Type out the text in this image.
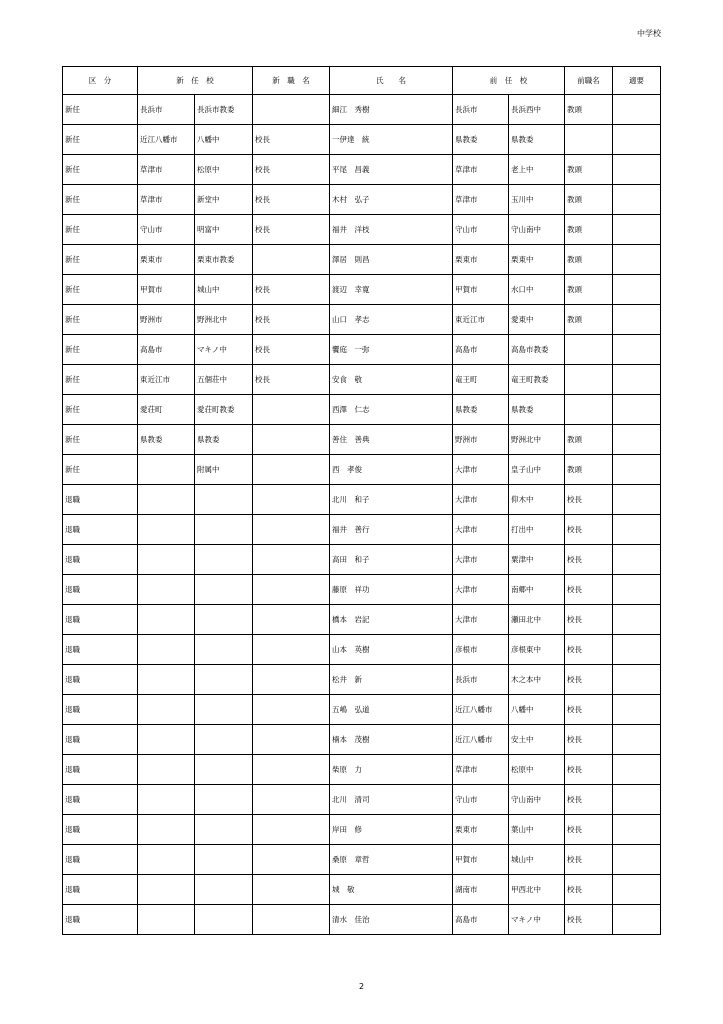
中学校
区　分	新　任　校		新　職　名	氏　　名	前　任　校		前職名	適要
新任	長浜市	長浜市教委		細江　秀樹	長浜市	長浜西中	教頭	
新任	近江八幡市	八幡中	校長	一伊達　統	県教委	県教委		
新任	草津市	松原中	校長	平尾　昌義	草津市	老上中	教頭	
新任	草津市	新堂中	校長	木村　弘子	草津市	玉川中	教頭	
新任	守山市	明富中	校長	福井　洋枝	守山市	守山南中	教頭	
新任	栗東市	栗東市教委		澤居　則昌	栗東市	栗東中	教頭	
新任	甲賀市	城山中	校長	渡辺　幸寛	甲賀市	水口中	教頭	
新任	野洲市	野洲北中	校長	山口　孝志	東近江市	愛東中	教頭	
新任	高島市	マキノ中	校長	饗庭　一弥	高島市	高島市教委		
新任	東近江市	五個荘中	校長	安食　敬	竜王町	竜王町教委		
新任	愛荘町	愛荘町教委		西澤　仁志	県教委	県教委		
新任	県教委	県教委		善住　善典	野洲市	野洲北中	教頭	
新任		附属中		西　孝俊	大津市	皇子山中	教頭	
退職				北川　和子	大津市	仰木中	校長	
退職				福井　善行	大津市	打出中	校長	
退職				高田　和子	大津市	粟津中	校長	
退職				藤原　祥功	大津市	南郷中	校長	
退職				橋本　岩記	大津市	瀬田北中	校長	
退職				山本　英樹	彦根市	彦根東中	校長	
退職				松井　新	長浜市	木之本中	校長	
退職				五嶋　弘道	近江八幡市	八幡中	校長	
退職				楠本　茂樹	近江八幡市	安土中	校長	
退職				柴原　力	草津市	松原中	校長	
退職				北川　清司	守山市	守山南中	校長	
退職				岸田　修	栗東市	葉山中	校長	
退職				桑原　章哲	甲賀市	城山中	校長	
退職				城　敬	湖南市	甲西北中	校長	
退職				清水　佳治	高島市	マキノ中	校長	
2
